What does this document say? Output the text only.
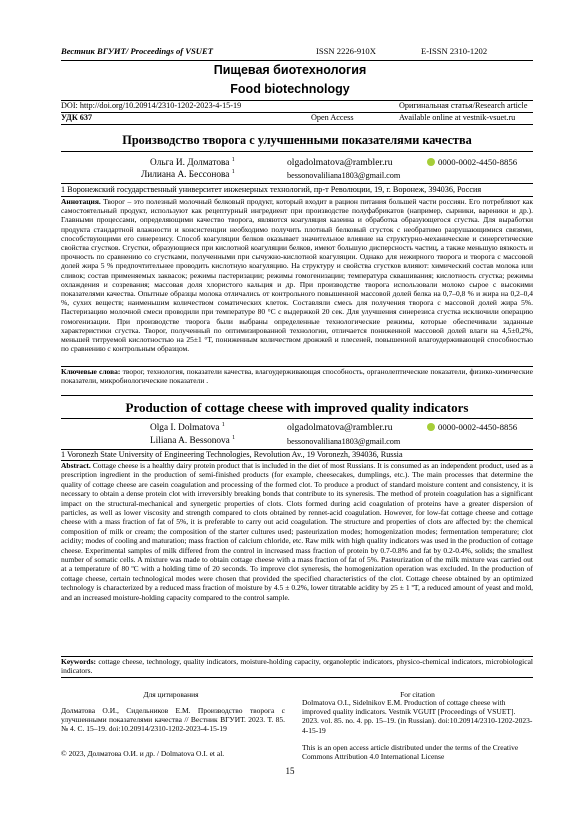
Вестник ВГУИТ/ Proceedings of VSUET	ISSN 2226-910X	E-ISSN 2310-1202
Пищевая биотехнология
Food biotechnology
DOI: http://doi.org/10.20914/2310-1202-2023-4-15-19	Оригинальная статья/Research article
УДК 637	Open Access	Available online at vestnik-vsuet.ru
Производство творога с улучшенными показателями качества
Ольга И. Долматова $^1$
Лилиана А. Бессонова $^1$
olgadolmatova@rambler.ru
bessonovaliliana1803@gmail.com
0000-0002-4450-8856
1 Воронежский государственный университет инженерных технологий, пр-т Революции, 19, г. Воронеж, 394036, Россия
Аннотация. Творог – это полезный молочный белковый продукт, который входит в рацион питания большей части россиян. Его потребляют как самостоятельный продукт, используют как рецептурный ингредиент при производстве полуфабрикатов (например, сырники, вареники и др.). Главными процессами, определяющими качество творога, являются коагуляция казеина и обработка образующегося сгустка. Для выработки продукта стандартной влажности и консистенции необходимо получить плотный белковый сгусток с необратимо разрушающимися связями, способствующими его синерезису. Способ коагуляции белков оказывает значительное влияние на структурно-механические и синергетические свойства сгустков. Сгустки, образующиеся при кислотной коагуляции белков, имеют большую дисперсность частиц, а также меньшую вязкость и прочность по сравнению со сгустками, полученными при сычужно-кислотной коагуляции. Однако для нежирного творога и творога с массовой долей жира 5 % предпочтительнее проводить кислотную коагуляцию. На структуру и свойства сгустков влияют: химический состав молока или сливок; состав применяемых заквасок; режимы пастеризации; режимы гомогенизации; температура сквашивания; кислотность сгустка; режимы охлаждения и созревания; массовая доля хлористого кальция и др. При производстве творога использовали молоко сырое с высокими показателями качества. Опытные образцы молока отличались от контрольного повышенной массовой долей белка на 0,7–0,8 % и жира на 0,2–0,4 %, сухих веществ; наименьшим количеством соматических клеток. Составляли смесь для получения творога с массовой долей жира 5%. Пастеризацию молочной смеси проводили при температуре 80 °С с выдержкой 20 сек. Для улучшения синерезиса сгустка исключили операцию гомогенизации. При производстве творога были выбраны определенные технологические режимы, которые обеспечивали заданные характеристики сгустка. Творог, полученный по оптимизированной технологии, отличается пониженной массовой долей влаги на 4,5±0,2%, меньшей титруемой кислотностью на 25±1 °Т, пониженным количеством дрожжей и плесеней, повышенной влагоудерживающей способностью по сравнению с контрольным образцом.
Ключевые слова: творог, технология, показатели качества, влагоудерживающая способность, органолептические показатели, физико-химические показатели, микробиологические показатели .
Production of cottage cheese with improved quality indicators
Olga I. Dolmatova $^1$
Liliana A. Bessonova $^1$
olgadolmatova@rambler.ru
bessonovaliliana1803@gmail.com
0000-0002-4450-8856
1 Voronezh State University of Engineering Technologies, Revolution Av., 19 Voronezh, 394036, Russia
Abstract. Cottage cheese is a healthy dairy protein product that is included in the diet of most Russians. It is consumed as an independent product, used as a prescription ingredient in the production of semi-finished products (for example, cheesecakes, dumplings, etc.). The main processes that determine the quality of cottage cheese are casein coagulation and processing of the formed clot. To produce a product of standard moisture content and consistency, it is necessary to obtain a dense protein clot with irreversibly breaking bonds that contribute to its syneresis. The method of protein coagulation has a significant impact on the structural-mechanical and synergetic properties of clots. Clots formed during acid coagulation of proteins have a greater dispersion of particles, as well as lower viscosity and strength compared to clots obtained by rennet-acid coagulation. However, for low-fat cottage cheese and cottage cheese with a mass fraction of fat of 5%, it is preferable to carry out acid coagulation. The structure and properties of clots are affected by: the chemical composition of milk or cream; the composition of the starter cultures used; pasteurization modes; homogenization modes; fermentation temperature; clot acidity; modes of cooling and maturation; mass fraction of calcium chloride, etc. Raw milk with high quality indicators was used in the production of cottage cheese. Experimental samples of milk differed from the control in increased mass fraction of protein by 0.7-0.8% and fat by 0.2-0.4%, solids; the smallest number of somatic cells. A mixture was made to obtain cottage cheese with a mass fraction of fat of 5%. Pasteurization of the milk mixture was carried out at a temperature of 80 ºC with a holding time of 20 seconds. To improve clot syneresis, the homogenization operation was excluded. In the production of cottage cheese, certain technological modes were chosen that provided the specified characteristics of the clot. Cottage cheese obtained by an optimized technology is characterized by a reduced mass fraction of moisture by 4.5 ± 0.2%, lower titratable acidity by 25 ± 1 ºT, a reduced amount of yeast and mold, and an increased moisture-holding capacity compared to the control sample.
Keywords: cottage cheese, technology, quality indicators, moisture-holding capacity, organoleptic indicators, physico-chemical indicators, microbiological indicators.
Для цитирования
Долматова О.И., Сидельников Е.М. Производство творога с улучшенными показателями качества // Вестник ВГУИТ. 2023. Т. 85. № 4. С. 15–19. doi:10.20914/2310-1202-2023-4-15-19
For citation
Dolmatova O.I., Sidelnikov E.M. Production of cottage cheese with improved quality indicators. Vestnik VGUIT [Proceedings of VSUET]. 2023. vol. 85. no. 4. pp. 15–19. (in Russian). doi:10.20914/2310-1202-2023-4-15-19
This is an open access article distributed under the terms of the Creative Commons Attribution 4.0 International License
© 2023, Долматова О.И. и др. / Dolmatova O.I. et al.
15
